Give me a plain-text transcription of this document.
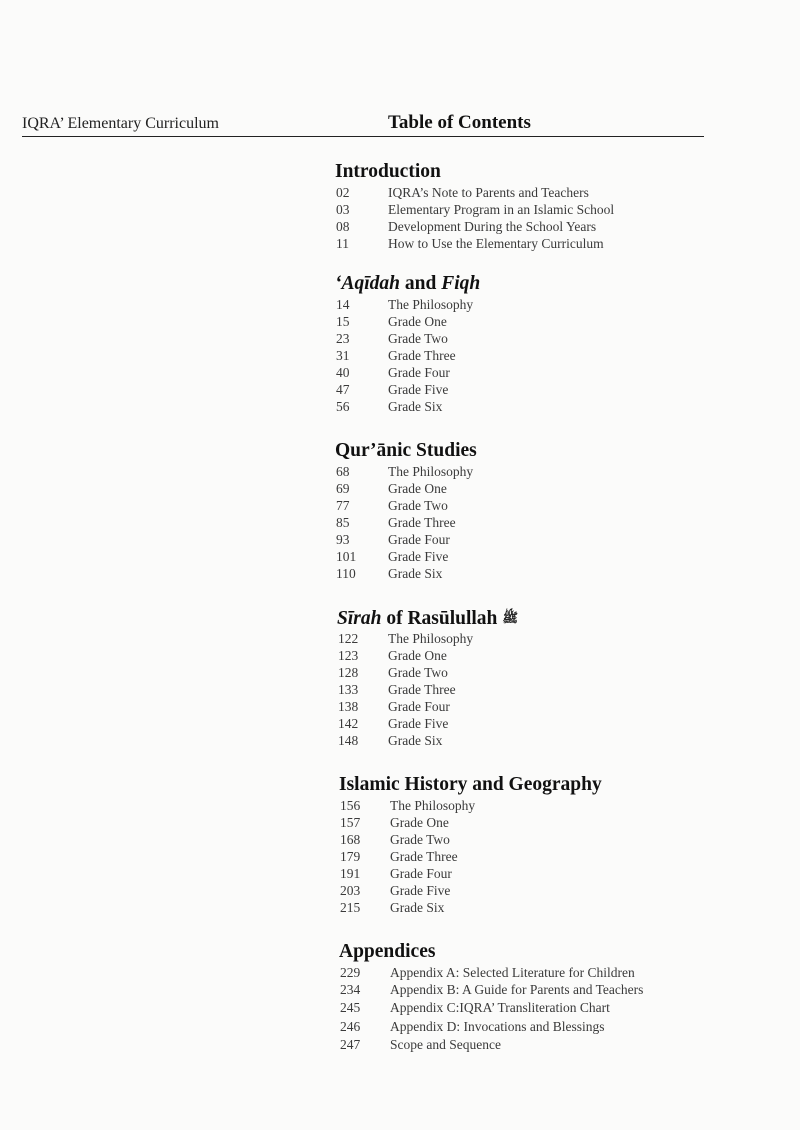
IQRA’ Elementary Curriculum	Table of Contents
Introduction
02	IQRA’s Note to Parents and Teachers
03	Elementary Program in an Islamic School
08	Development During the School Years
11	How to Use the Elementary Curriculum
‘Aqīdah and Fiqh
14	The Philosophy
15	Grade One
23	Grade Two
31	Grade Three
40	Grade Four
47	Grade Five
56	Grade Six
Qur’ānic Studies
68	The Philosophy
69	Grade One
77	Grade Two
85	Grade Three
93	Grade Four
101 Grade Five
110 Grade Six
Sīrah of Rasūlullah ﷺ
122 The Philosophy
123 Grade One
128 Grade Two
133 Grade Three
138 Grade Four
142 Grade Five
148 Grade Six
Islamic History and Geography
156 The Philosophy
157 Grade One
168 Grade Two
179 Grade Three
191 Grade Four
203 Grade Five
215 Grade Six
Appendices
229 Appendix A: Selected Literature for Children
234 Appendix B: A Guide for Parents and Teachers
245 Appendix C:IQRA’ Transliteration Chart
246 Appendix D: Invocations and Blessings
247 Scope and Sequence
